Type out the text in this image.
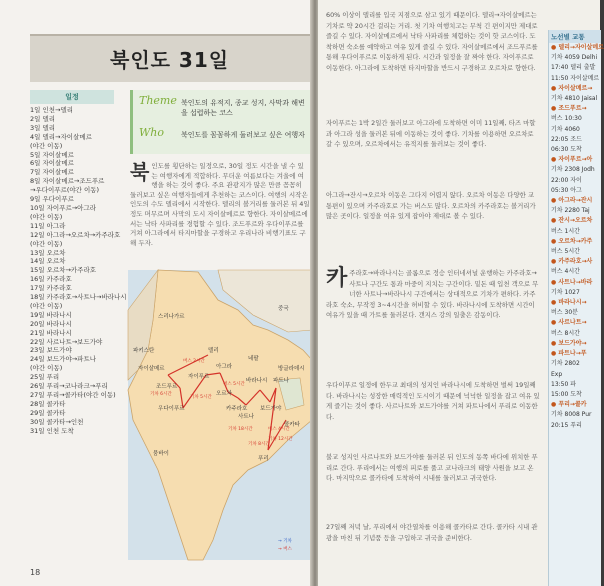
북인도 31일
일정
1일 인천→델리
2일 델리
3일 델리
4일 델리→자이살메르
(야간 이동)
5일 자이살메르
6일 자이살메르
7일 자이살메르
8일 자이살메르→조드푸르
→우다이푸르(야간 이동)
9일 우다이푸르
10일 자이푸르→아그라
(야간 이동)
11일 아그라
12일 아그라→오르차→카주라호
(야간 이동)
13일 오르차
14일 오르차
15일 오르차→카주라호
16일 카주라호
17일 카주라호
18일 카주라호→사트나→바라나시
(야간 이동)
19일 바라나시
20일 바라나시
21일 바라나시
22일 사르나트→보드가야
23일 보드가야
24일 보드가야→파트나
(야간 이동)
25일 푸리
26일 푸리→코나라크→푸리
27일 푸리→콜카타(야간 이동)
28일 콜카타
29일 콜카타
30일 콜카타→인천
31일 인천 도착
Theme 북인도의 유적지, 종교 성지, 사막과 해변을 섭렵하는 코스
Who 북인도를 꼼꼼하게 둘러보고 싶은 여행자
북 인도를 횡단하는 일정으로, 30일 정도 시간을 낼 수 있는 여행자에게 적합하다. 무더운 여름보다는 겨울에 여행을 하는 것이 좋다. 주요 관광지가 많은 만큼 꼼꼼히 둘러보고 싶은 여행자들에게 추천하는 코스이다. 여행의 시작은 인도의 수도 델리에서 시작한다. 델리의 볼거리를 둘러본 뒤 4일 정도 머무르며 사막의 도시 자이살메르로 향한다. 자이살메르에서는 낙타 사파리를 경험할 수 있다. 조드푸르와 우다이푸르를 거쳐 아그라에서 타지마할을 구경하고 우리나라 비행기표도 구해 두자.
스리나가르
중국
파키스탄	델리
자이살메르
조드푸르
아그라
자이푸르
오르차
카주라호
우다이푸르
바라나시
사트나
보드가야
파트나
방글라데시
콜카타
뭄바이
푸리
네팔
버스 2시간
기차 6시간
기차 5시간
버스 5시간
기차 18시간
기차 12시간
버스 4시간
기차 8시간
→ 기차
→ 버스
18
60% 이상이 델리를 입국 지점으로 삼고 있기 때문이다. 델리→자이살메르는 기차로 약 20시간 걸리는 거리. 첫 기차 여행치고는 무척 긴 편이지만 제대로 즐길 수 있다. 자이살메르에서 낙타 사파리를 체험하는 것이 핫 코스이다. 도착하면 숙소를 예약하고 여유 있게 즐길 수 있다. 자이살메르에서 조드푸르를 통해 우다이푸르로 이동하게 된다. 시간과 일정을 잘 짜야 한다. 자이푸르로 이동한다. 아그라에 도착하면 타지마할을 반드시 구경하고 오르차로 향한다.
자이푸르는 1박 2일간 둘러보고 아그라에 도착하면 이미 11일째, 타즈 마할과 아그라 성을 둘러본 뒤에 이동하는 것이 좋다. 기차를 이용하면 오르차로 갈 수 있으며, 오르차에서는 유적지를 둘러보는 것이 좋다.
아그라→잔시→오르차 이동은 그다지 어렵지 않다. 오르차 이동은 다양한 교통편이 있으며 카주라호로 가는 버스도 많다. 오르차의 카주라호는 볼거리가 많은 곳이다. 일정을 여유 있게 잡아야 제대로 볼 수 있다.
카 주라호→바라나시는 골롬으로 정승 인터네셔널 운행하는 카주라호→사트나 구간도 통과 마중이 지치는 구간이다. 밑돈 때 입천 객으로 무너한 사트나→바라나시 구간에서는 상대적으로 기차가 편하다. 카주라호 숙소, 무작정 3~4시간을 허비할 수 있다. 바라나시에 도착하면 시간이 여유가 있을 때 가트를 둘러본다. 갠지스 강의 일출은 감동이다.
우다이푸르 일정에 한두교 최대의 성지인 바라나시에 도착하면 벌써 19일째다. 바라나시는 성장한 매력적인 도시이기 때문에 넉넉한 일정을 잡고 여유 있게 즐기는 것이 좋다. 사르나트와 보드가야를 거쳐 파트나에서 푸리로 이동한다.
불교 성지인 사르나트와 보드가야를 둘러본 뒤 인도의 동쪽 바다에 위치한 푸리로 간다. 푸리에서는 여행의 피로를 풀고 코나라크의 태양 사원을 보고 온다. 마지막으로 콜카타에 도착하여 시내를 둘러보고 귀국한다.
27일째 저녁 날, 푸리에서 야간열차를 이용해 콜카타로 간다. 콜카타 시내 관광을 마친 뒤 기념품 등을 구입하고 귀국을 준비한다.
노선별 교통
● 델리→자이살메르
기차 4059 Delhi
17:40 델리 출발
11:50 자이살메르
● 자이살메르→
기차 4810 Jaisal
● 조드푸르→
버스 10:30
기차 4060
22:05 조드
06:30 도착
● 자이푸르→아
기차 2308 Jodh
22:00 자이
05:30 아그
● 아그라→잔시
기차 2280 Taj
● 잔시→오르차
버스 1시간
● 오르차→카주
버스 5시간
● 카주라호→사
버스 4시간
● 사트나→바라
기차 1027
● 바라나시→
버스 30분
● 사르나트→
버스 8시간
● 보드가야→
● 파트나→푸
기차 2802
Exp
13:50 파
15:00 도착
● 푸리→콜카
기차 8008 Pur
20:15 푸리
